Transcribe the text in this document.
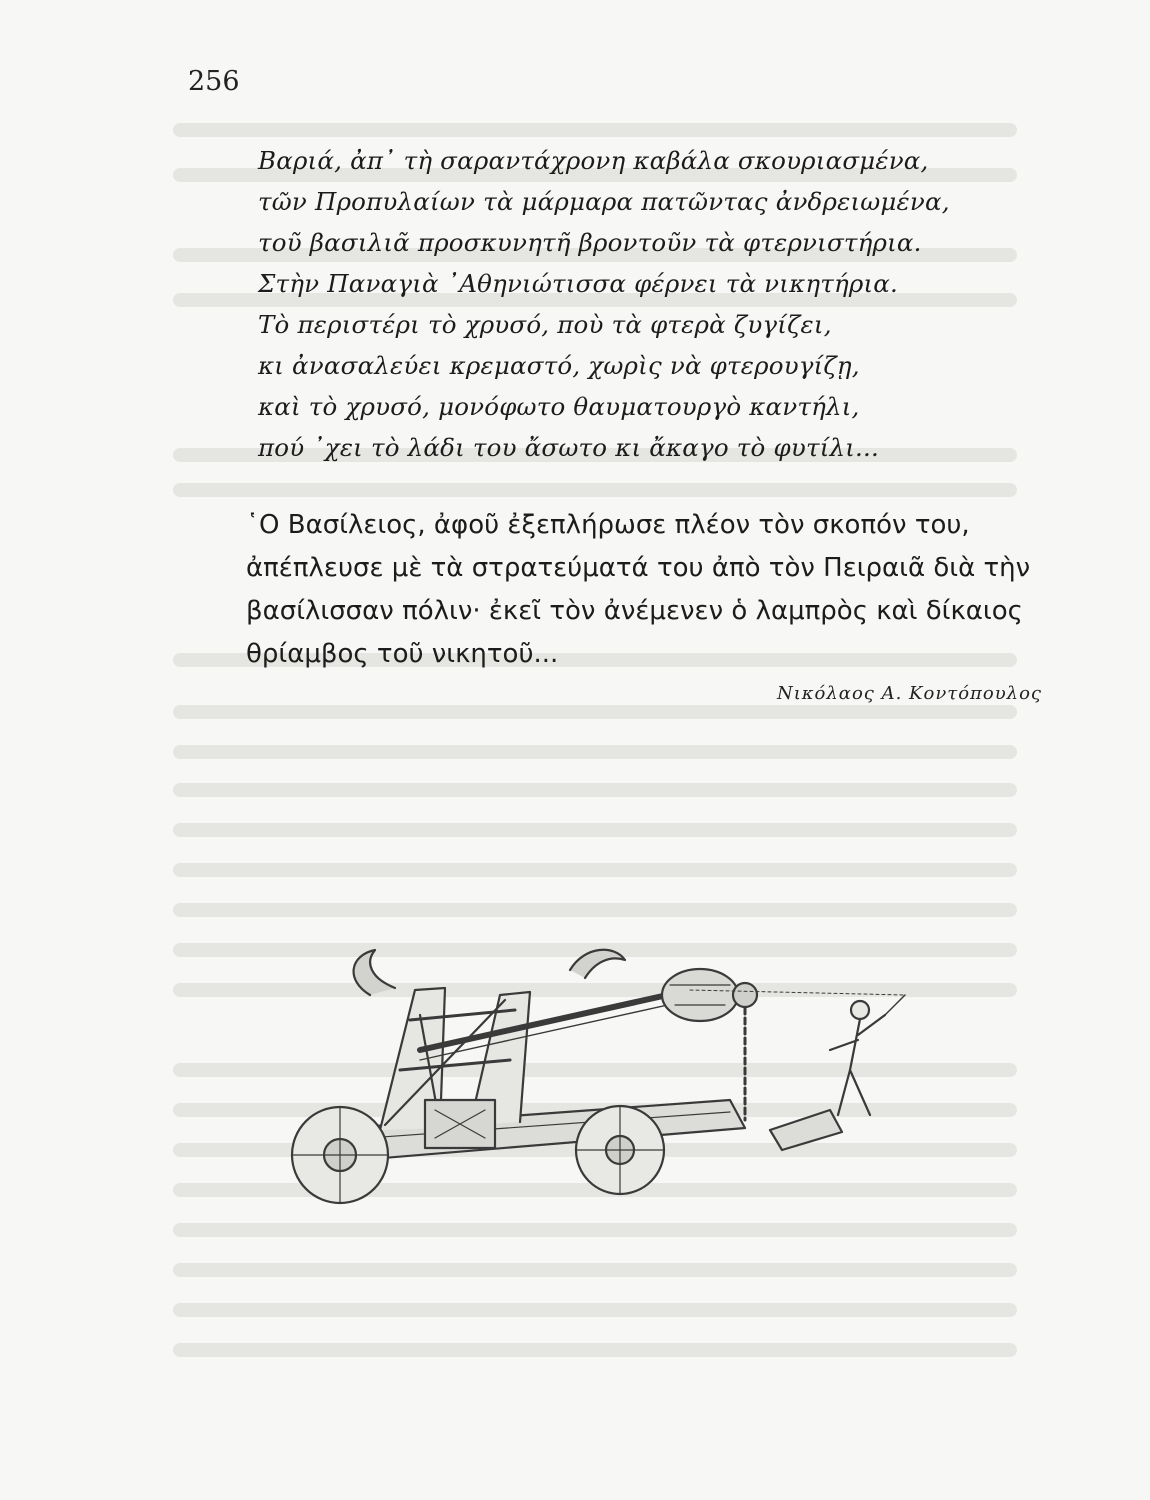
256
Βαριά, ἀπ᾽ τὴ σαραντάχρονη καβάλα σκουριασμένα,
τῶν Προπυλαίων τὰ μάρμαρα πατῶντας ἀνδρειωμένα,
τοῦ βασιλιᾶ προσκυνητῆ βροντοῦν τὰ φτερνιστήρια.
Στὴν Παναγιὰ ᾽Αθηνιώτισσα φέρνει τὰ νικητήρια.
Τὸ περιστέρι τὸ χρυσό, ποὺ τὰ φτερὰ ζυγίζει,
κι ἀνασαλεύει κρεμαστό, χωρὶς νὰ φτερουγίζῃ,
καὶ τὸ χρυσό, μονόφωτο θαυματουργὸ καντήλι,
πού ᾽χει τὸ λάδι του ἄσωτο κι ἄκαγο τὸ φυτίλι...
῾Ο Βασίλειος, ἀφοῦ ἐξεπλήρωσε πλέον τὸν σκοπόν του,
ἀπέπλευσε μὲ τὰ στρατεύματά του ἀπὸ τὸν Πειραιᾶ διὰ τὴν
βασίλισσαν πόλιν· ἐκεῖ τὸν ἀνέμενεν ὁ λαμπρὸς καὶ δίκαιος
θρίαμβος τοῦ νικητοῦ...
Νικόλαος Α. Κοντόπουλος
